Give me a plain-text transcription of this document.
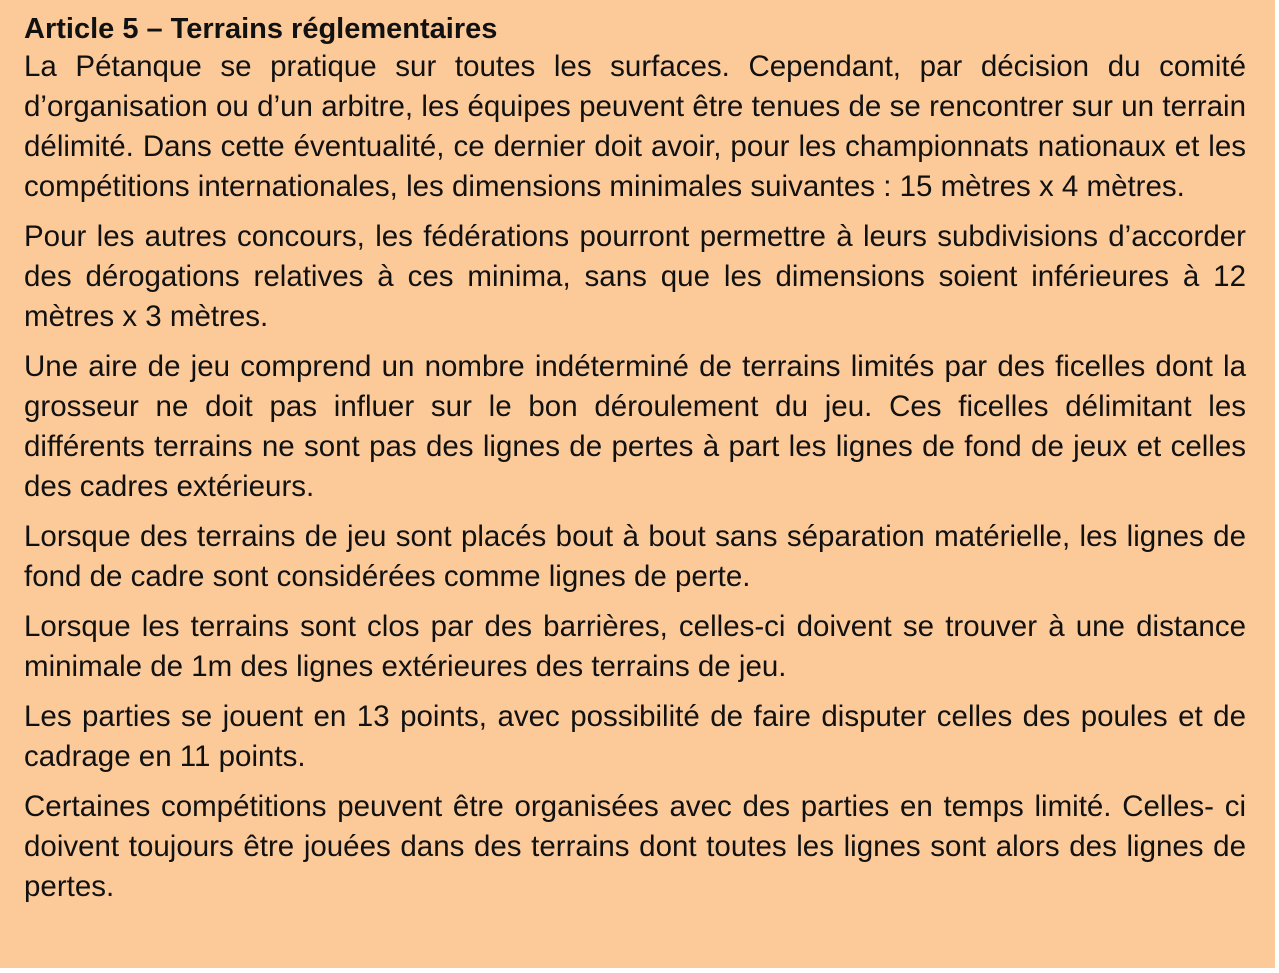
Article 5 – Terrains réglementaires

La Pétanque se pratique sur toutes les surfaces. Cependant, par décision du comité d’organisation ou d’un arbitre, les équipes peuvent être tenues de se rencontrer sur un terrain délimité. Dans cette éventualité, ce dernier doit avoir, pour les championnats nationaux et les compétitions internationales, les dimensions minimales suivantes : 15 mètres x 4 mètres.

Pour les autres concours, les fédérations pourront permettre à leurs subdivisions d’accorder des dérogations relatives à ces minima, sans que les dimensions soient inférieures à 12 mètres x 3 mètres.

Une aire de jeu comprend un nombre indéterminé de terrains limités par des ficelles dont la grosseur ne doit pas influer sur le bon déroulement du jeu. Ces ficelles délimitant les différents terrains ne sont pas des lignes de pertes à part les lignes de fond de jeux et celles des cadres extérieurs.

Lorsque des terrains de jeu sont placés bout à bout sans séparation matérielle, les lignes de fond de cadre sont considérées comme lignes de perte.

Lorsque les terrains sont clos par des barrières, celles-ci doivent se trouver à une distance minimale de 1m des lignes extérieures des terrains de jeu.

Les parties se jouent en 13 points, avec possibilité de faire disputer celles des poules et de cadrage en 11 points.

Certaines compétitions peuvent être organisées avec des parties en temps limité. Celles- ci doivent toujours être jouées dans des terrains dont toutes les lignes sont alors des lignes de pertes.
